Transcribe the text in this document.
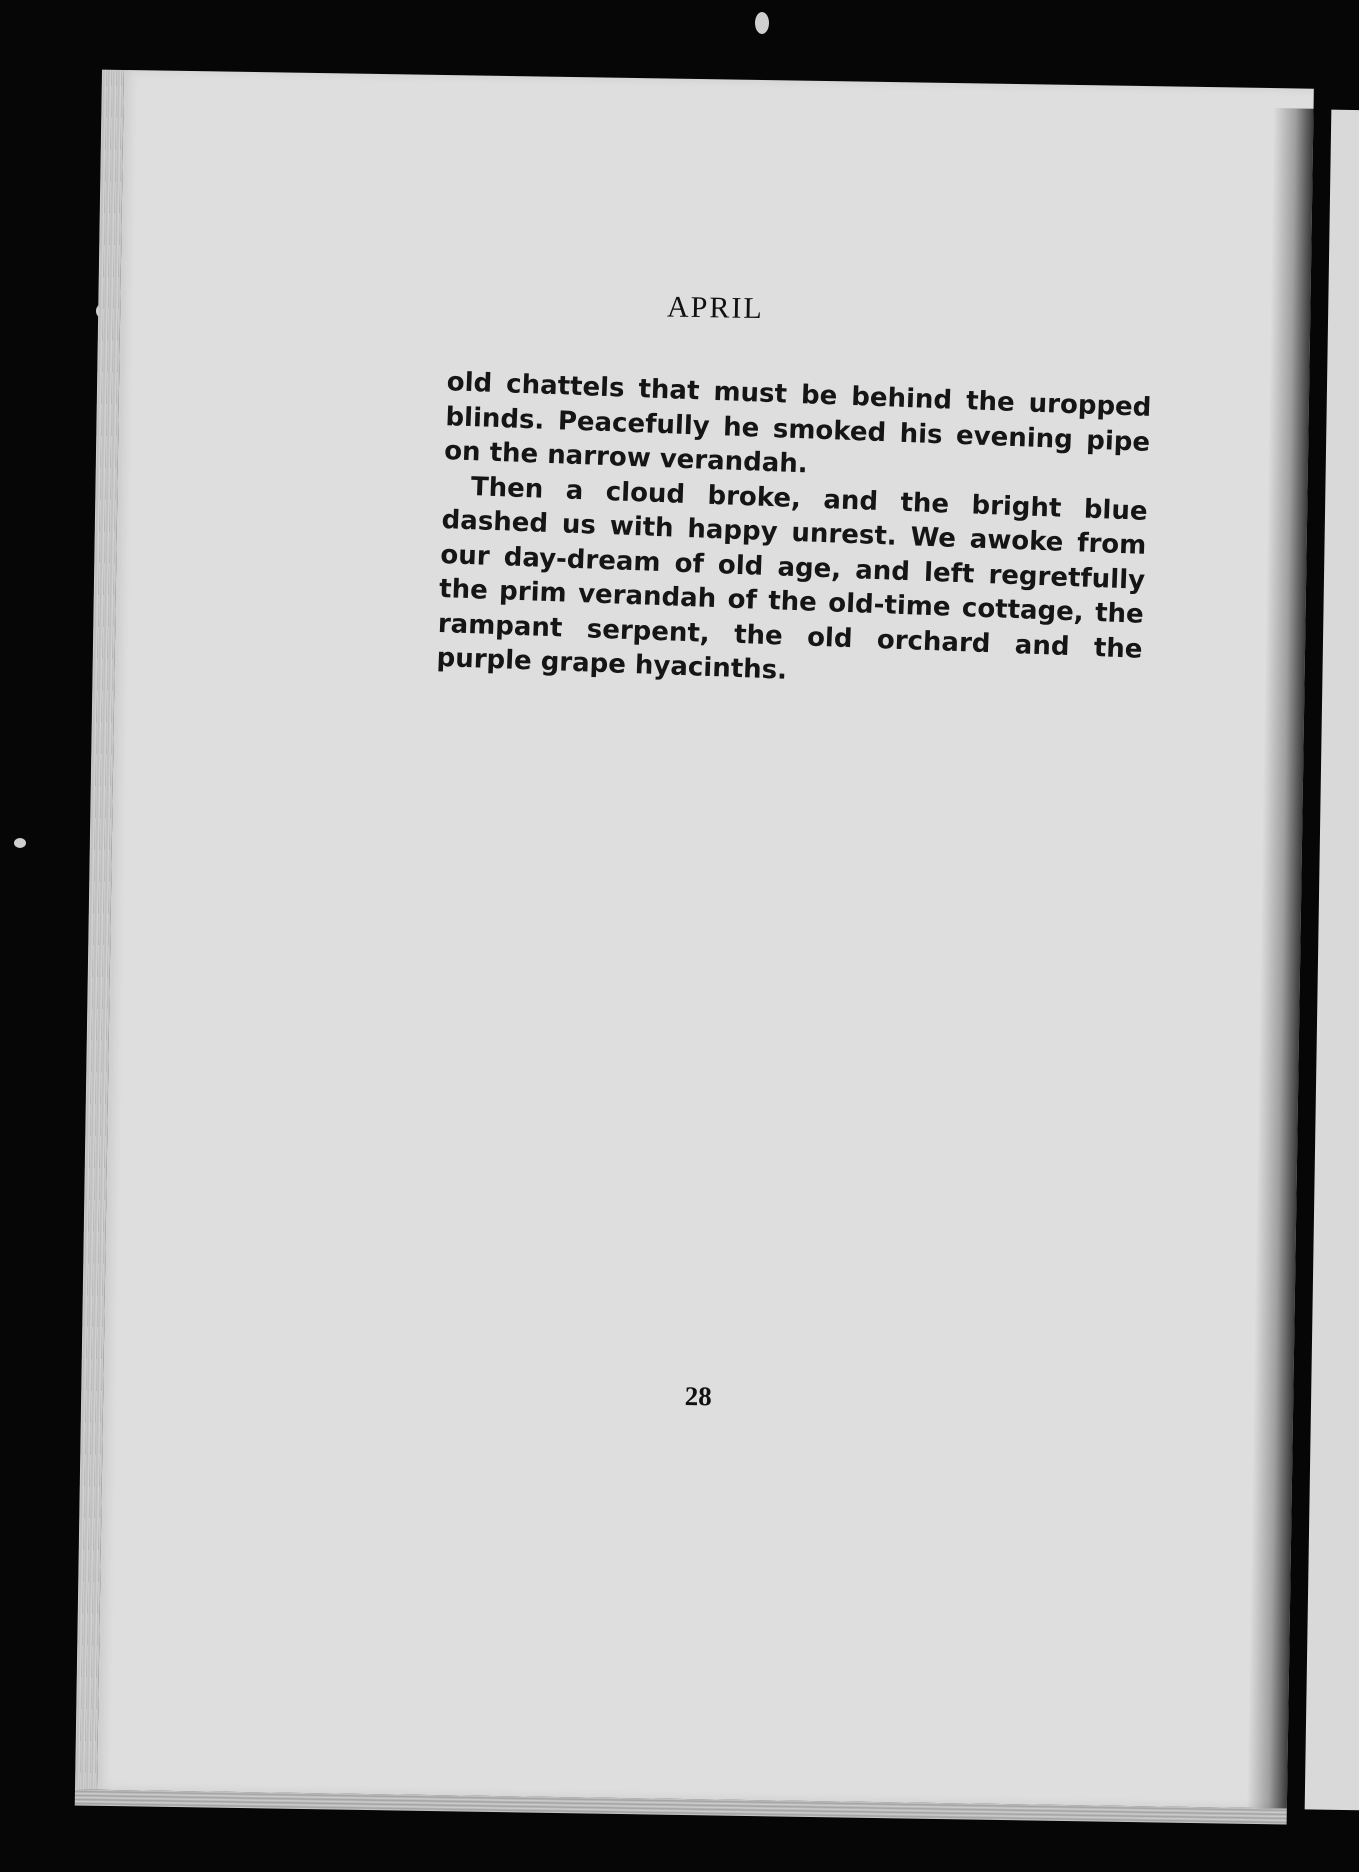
APRIL

old chattels that must be behind the uropped blinds. Peacefully he smoked his evening pipe on the narrow verandah.

Then a cloud broke, and the bright blue dashed us with happy unrest. We awoke from our day-dream of old age, and left regretfully the prim verandah of the old-time cottage, the rampant serpent, the old orchard and the purple grape hyacinths.

28
